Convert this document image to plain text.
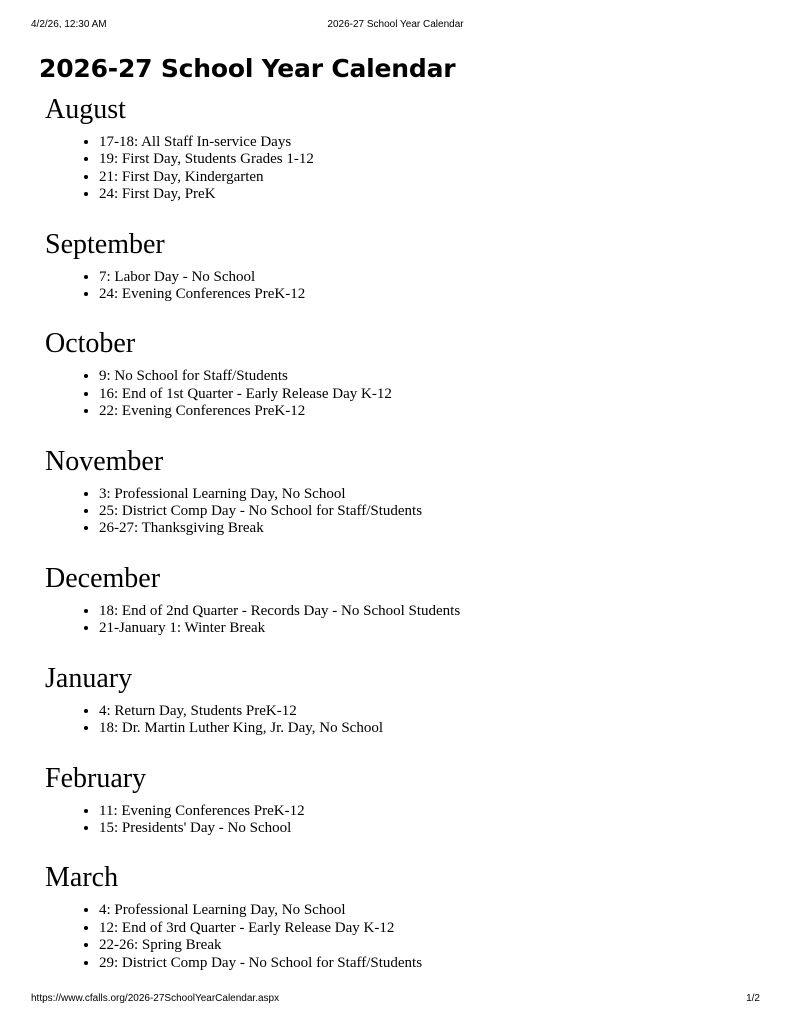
4/2/26, 12:30 AM	2026-27 School Year Calendar
2026-27 School Year Calendar
August
• 17-18: All Staff In-service Days
• 19: First Day, Students Grades 1-12
• 21: First Day, Kindergarten
• 24: First Day, PreK
September
• 7: Labor Day - No School
• 24: Evening Conferences PreK-12
October
• 9: No School for Staff/Students
• 16: End of 1st Quarter - Early Release Day K-12
• 22: Evening Conferences PreK-12
November
• 3: Professional Learning Day, No School
• 25: District Comp Day - No School for Staff/Students
• 26-27: Thanksgiving Break
December
• 18: End of 2nd Quarter - Records Day - No School Students
• 21-January 1: Winter Break
January
• 4: Return Day, Students PreK-12
• 18: Dr. Martin Luther King, Jr. Day, No School
February
• 11: Evening Conferences PreK-12
• 15: Presidents' Day - No School
March
• 4: Professional Learning Day, No School
• 12: End of 3rd Quarter - Early Release Day K-12
• 22-26: Spring Break
• 29: District Comp Day - No School for Staff/Students
https://www.cfalls.org/2026-27SchoolYearCalendar.aspx	1/2
